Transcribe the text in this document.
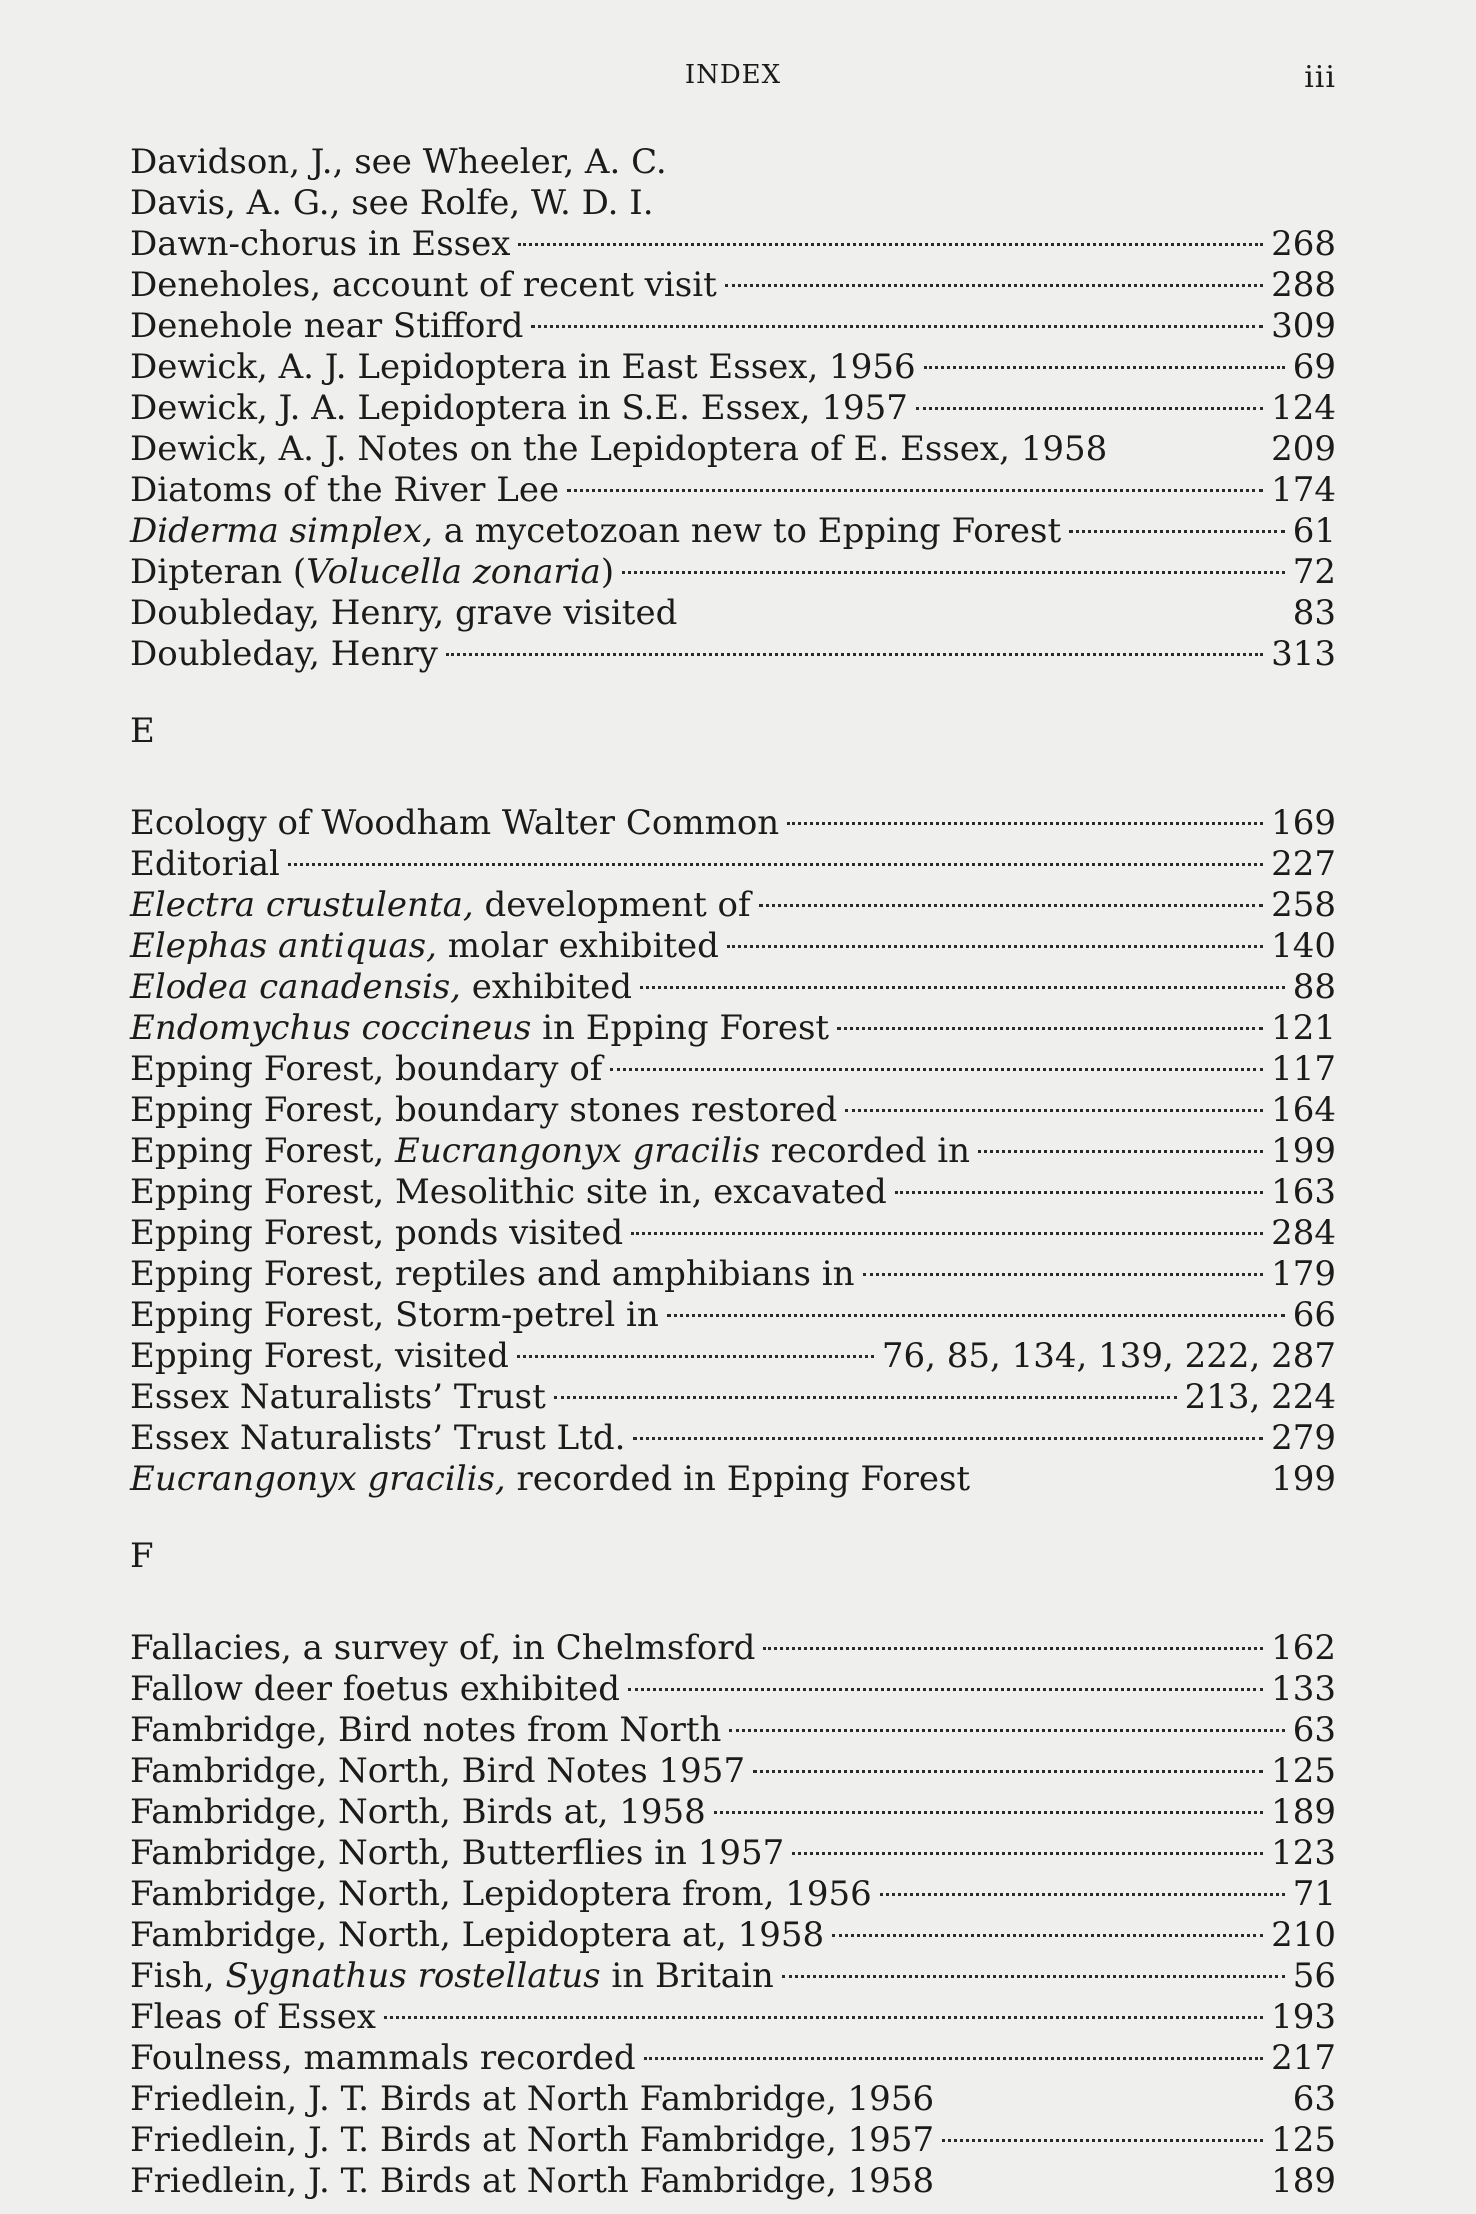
INDEX	iii
Davidson, J., see Wheeler, A. C.
Davis, A. G., see Rolfe, W. D. I.
Dawn-chorus in Essex	268
Deneholes, account of recent visit	288
Denehole near Stifford	309
Dewick, A. J. Lepidoptera in East Essex, 1956	69
Dewick, J. A. Lepidoptera in S.E. Essex, 1957	124
Dewick, A. J. Notes on the Lepidoptera of E. Essex, 1958	209
Diatoms of the River Lee	174
Diderma simplex, a mycetozoan new to Epping Forest	61
Dipteran (Volucella zonaria)	72
Doubleday, Henry, grave visited	83
Doubleday, Henry	313
E
Ecology of Woodham Walter Common	169
Editorial	227
Electra crustulenta, development of	258
Elephas antiquas, molar exhibited	140
Elodea canadensis, exhibited	88
Endomychus coccineus in Epping Forest	121
Epping Forest, boundary of	117
Epping Forest, boundary stones restored	164
Epping Forest, Eucrangonyx gracilis recorded in	199
Epping Forest, Mesolithic site in, excavated	163
Epping Forest, ponds visited	284
Epping Forest, reptiles and amphibians in	179
Epping Forest, Storm-petrel in	66
Epping Forest, visited	76, 85, 134, 139, 222, 287
Essex Naturalists’ Trust	213, 224
Essex Naturalists’ Trust Ltd.	279
Eucrangonyx gracilis, recorded in Epping Forest	199
F
Fallacies, a survey of, in Chelmsford	162
Fallow deer foetus exhibited	133
Fambridge, Bird notes from North	63
Fambridge, North, Bird Notes 1957	125
Fambridge, North, Birds at, 1958	189
Fambridge, North, Butterflies in 1957	123
Fambridge, North, Lepidoptera from, 1956	71
Fambridge, North, Lepidoptera at, 1958	210
Fish, Sygnathus rostellatus in Britain	56
Fleas of Essex	193
Foulness, mammals recorded	217
Friedlein, J. T. Birds at North Fambridge, 1956	63
Friedlein, J. T. Birds at North Fambridge, 1957	125
Friedlein, J. T. Birds at North Fambridge, 1958	189
